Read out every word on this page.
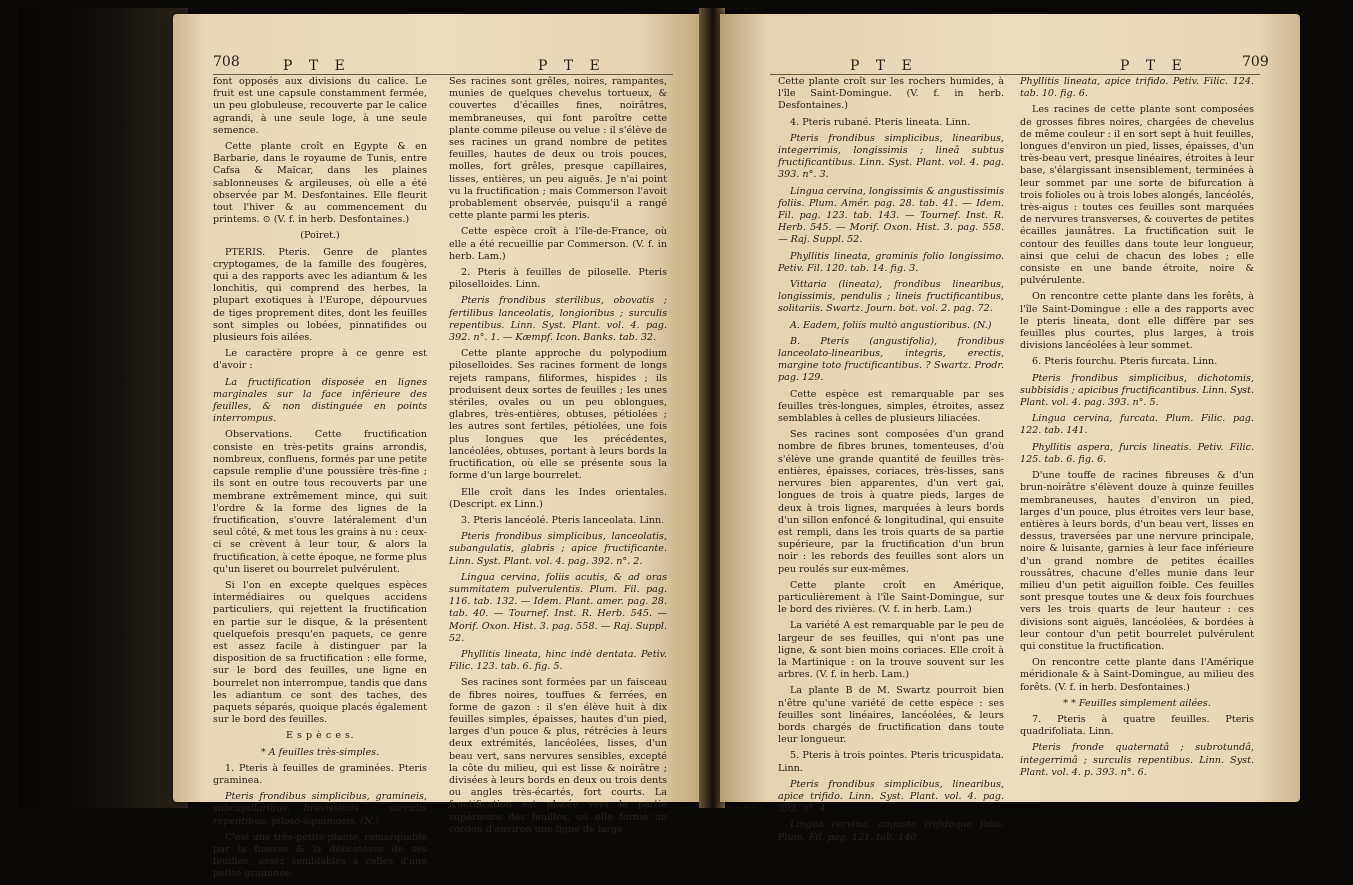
708	P T E	P T E

font opposés aux divisions du calice. Le fruit est une capsule constamment fermée, un peu globuleuse, recouverte par le calice agrandi, à une seule loge, à une seule semence.

Cette plante croît en Egypte & en Barbarie, dans le royaume de Tunis, entre Cafsa & Maïcar, dans les plaines sablonneuses & argileuses, où elle a été observée par M. Desfontaines. Elle fleurit tout l'hiver & au commencement du printems. ⊙ (V. f. in herb. Desfontaines.)

(Poiret.)

PTERIS. Pteris. Genre de plantes cryptogames, de la famille des fougères, qui a des rapports avec les adiantum & les lonchitis, qui comprend des herbes, la plupart exotiques à l'Europe, dépourvues de tiges proprement dites, dont les feuilles sont simples ou lobées, pinnatifides ou plusieurs fois ailées.

Le caractère propre à ce genre est d'avoir :

La fructification disposée en lignes marginales sur la face inférieure des feuilles, & non distinguée en points interrompus.

Observations. Cette fructification consiste en très-petits grains arrondis, nombreux, confluens, formés par une petite capsule remplie d'une poussière très-fine ; ils sont en outre tous recouverts par une membrane extrêmement mince, qui suit l'ordre & la forme des lignes de la fructification, s'ouvre latéralement d'un seul côté, & met tous les grains à nu : ceux-ci se crèvent à leur tour, & alors la fructification, à cette époque, ne forme plus qu'un liseret ou bourrelet pulvérulent.

Si l'on en excepte quelques espèces intermédiaires ou quelques accidens particuliers, qui rejettent la fructification en partie sur le disque, & la présentent quelquefois presqu'en paquets, ce genre est assez facile à distinguer par la disposition de sa fructification : elle forme, sur le bord des feuilles, une ligne en bourrelet non interrompue, tandis que dans les adiantum ce sont des taches, des paquets séparés, quoique placés également sur le bord des feuilles.

E s p è c e s.

* A feuilles très-simples.

1. Pteris à feuilles de graminées. Pteris graminea.

Pteris frondibus simplicibus, gramineis, subcapillaribus, brevissimis ; surculis repentibus, piloso-squamosis. (N.)

C'est une très-petite plante, remarquable par la finesse & la délicatesse de ses feuilles, assez semblables à celles d'une petite graminée.

Ses racines sont grêles, noires, rampantes, munies de quelques chevelus tortueux, & couvertes d'écailles fines, noirâtres, membraneuses, qui font paroître cette plante comme pileuse ou velue : il s'élève de ses racines un grand nombre de petites feuilles, hautes de deux ou trois pouces, molles, fort grêles, presque capillaires, lisses, entières, un peu aiguës. Je n'ai point vu la fructification ; mais Commerson l'avoit probablement observée, puisqu'il a rangé cette plante parmi les pteris.

Cette espèce croît à l'île-de-France, où elle a été recueillie par Commerson. (V. f. in herb. Lam.)

2. Pteris à feuilles de piloselle. Pteris piloselloides. Linn.

Pteris frondibus sterilibus, obovatis ; fertilibus lanceolatis, longioribus ; surculis repentibus. Linn. Syst. Plant. vol. 4. pag. 392. n°. 1. — Kæmpf. Icon. Banks. tab. 32.

Cette plante approche du polypodium piloselloides. Ses racines forment de longs rejets rampans, filiformes, hispides ; ils produisent deux sortes de feuilles ; les unes stériles, ovales ou un peu oblongues, glabres, très-entières, obtuses, pétiolées ; les autres sont fertiles, pétiolées, une fois plus longues que les précédentes, lancéolées, obtuses, portant à leurs bords la fructification, où elle se présente sous la forme d'un large bourrelet.

Elle croît dans les Indes orientales. (Descript. ex Linn.)

3. Pteris lancéolé. Pteris lanceolata. Linn.

Pteris frondibus simplicibus, lanceolatis, subangulatis, glabris ; apice fructificante. Linn. Syst. Plant. vol. 4. pag. 392. n°. 2.

Lingua cervina, foliis acutis, & ad oras summitatem pulverulentis. Plum. Fil. pag. 116. tab. 132. — Idem. Plant. amer. pag. 28. tab. 40. — Tournef. Inst. R. Herb. 545. — Morif. Oxon. Hist. 3. pag. 558. — Raj. Suppl. 52.

Phyllitis lineata, hinc indè dentata. Petiv. Filic. 123. tab. 6. fig. 5.

Ses racines sont formées par un faisceau de fibres noires, touffues & ferrées, en forme de gazon : il s'en élève huit à dix feuilles simples, épaisses, hautes d'un pied, larges d'un pouce & plus, rétrécies à leurs deux extrémités, lancéolées, lisses, d'un beau vert, sans nervures sensibles, excepté la côte du milieu, qui est lisse & noirâtre ; divisées à leurs bords en deux ou trois dents ou angles très-écartés, fort courts. La fructification est placée vers la partie supérieure des feuilles, où elle forme un cordon d'environ une ligne de large.

P T E	P T E	709

Cette plante croît sur les rochers humides, à l'île Saint-Domingue. (V. f. in herb. Desfontaines.)

4. Pteris rubané. Pteris lineata. Linn.

Pteris frondibus simplicibus, linearibus, integerrimis, longissimis ; lineâ subtus fructificantibus. Linn. Syst. Plant. vol. 4. pag. 393. n°. 3.

Lingua cervina, longissimis & angustissimis foliis. Plum. Amér. pag. 28. tab. 41. — Idem. Fil. pag. 123. tab. 143. — Tournef. Inst. R. Herb. 545. — Morif. Oxon. Hist. 3. pag. 558. — Raj. Suppl. 52.

Phyllitis lineata, graminis folio longissimo. Petiv. Fil. 120. tab. 14. fig. 3.

Vittaria (lineata), frondibus linearibus, longissimis, pendulis ; lineis fructificantibus, solitariis. Swartz. Journ. bot. vol. 2. pag. 72.

A. Eadem, foliis multò angustioribus. (N.)

B. Pteris (angustifolia), frondibus lanceolato-linearibus, integris, erectis, margine toto fructificantibus. ? Swartz. Prodr. pag. 129.

Cette espèce est remarquable par ses feuilles très-longues, simples, étroites, assez semblables à celles de plusieurs liliacées.

Ses racines sont composées d'un grand nombre de fibres brunes, tomenteuses, d'où s'élève une grande quantité de feuilles très-entières, épaisses, coriaces, très-lisses, sans nervures bien apparentes, d'un vert gai, longues de trois à quatre pieds, larges de deux à trois lignes, marquées à leurs bords d'un sillon enfoncé & longitudinal, qui ensuite est rempli, dans les trois quarts de sa partie supérieure, par la fructification d'un brun noir : les rebords des feuilles sont alors un peu roulés sur eux-mêmes.

Cette plante croît en Amérique, particulièrement à l'île Saint-Domingue, sur le bord des rivières. (V. f. in herb. Lam.)

La variété A est remarquable par le peu de largeur de ses feuilles, qui n'ont pas une ligne, & sont bien moins coriaces. Elle croît à la Martinique : on la trouve souvent sur les arbres. (V. f. in herb. Lam.)

La plante B de M. Swartz pourroit bien n'être qu'une variété de cette espèce : ses feuilles sont linéaires, lancéolées, & leurs bords chargés de fructification dans toute leur longueur.

5. Pteris à trois pointes. Pteris tricuspidata. Linn.

Pteris frondibus simplicibus, linearibus, apice trifido. Linn. Syst. Plant. vol. 4. pag. 393. n°. 4.

Lingua cervina, angusto trifidoque folio. Plum. Fil. pag. 121. tab. 140.

Phyllitis lineata, apice trifido. Petiv. Filic. 124. tab. 10. fig. 6.

Les racines de cette plante sont composées de grosses fibres noires, chargées de chevelus de même couleur : il en sort sept à huit feuilles, longues d'environ un pied, lisses, épaisses, d'un très-beau vert, presque linéaires, étroites à leur base, s'élargissant insensiblement, terminées à leur sommet par une sorte de bifurcation à trois folioles ou à trois lobes alongés, lancéolés, très-aigus : toutes ces feuilles sont marquées de nervures transverses, & couvertes de petites écailles jaunâtres. La fructification suit le contour des feuilles dans toute leur longueur, ainsi que celui de chacun des lobes ; elle consiste en une bande étroite, noire & pulvérulente.

On rencontre cette plante dans les forêts, à l'île Saint-Domingue : elle a des rapports avec le pteris lineata, dont elle diffère par ses feuilles plus courtes, plus larges, à trois divisions lancéolées à leur sommet.

6. Pteris fourchu. Pteris furcata. Linn.

Pteris frondibus simplicibus, dichotomis, subbisidis ; apicibus fructificantibus. Linn. Syst. Plant. vol. 4. pag. 393. n°. 5.

Lingua cervina, furcata. Plum. Filic. pag. 122. tab. 141.

Phyllitis aspera, furcis lineatis. Petiv. Filic. 125. tab. 6. fig. 6.

D'une touffe de racines fibreuses & d'un brun-noirâtre s'élèvent douze à quinze feuilles membraneuses, hautes d'environ un pied, larges d'un pouce, plus étroites vers leur base, entières à leurs bords, d'un beau vert, lisses en dessus, traversées par une nervure principale, noire & luisante, garnies à leur face inférieure d'un grand nombre de petites écailles roussâtres, chacune d'elles munie dans leur milieu d'un petit aiguillon foible. Ces feuilles sont presque toutes une & deux fois fourchues vers les trois quarts de leur hauteur : ces divisions sont aiguës, lancéolées, & bordées à leur contour d'un petit bourrelet pulvérulent qui constitue la fructification.

On rencontre cette plante dans l'Amérique méridionale & à Saint-Domingue, au milieu des forêts. (V. f. in herb. Desfontaines.)

* * Feuilles simplement ailées.

7. Pteris à quatre feuilles. Pteris quadrifoliata. Linn.

Pteris fronde quaternatâ ; subrotundâ, integerrimâ ; surculis repentibus. Linn. Syst. Plant. vol. 4. p. 393. n°. 6.
